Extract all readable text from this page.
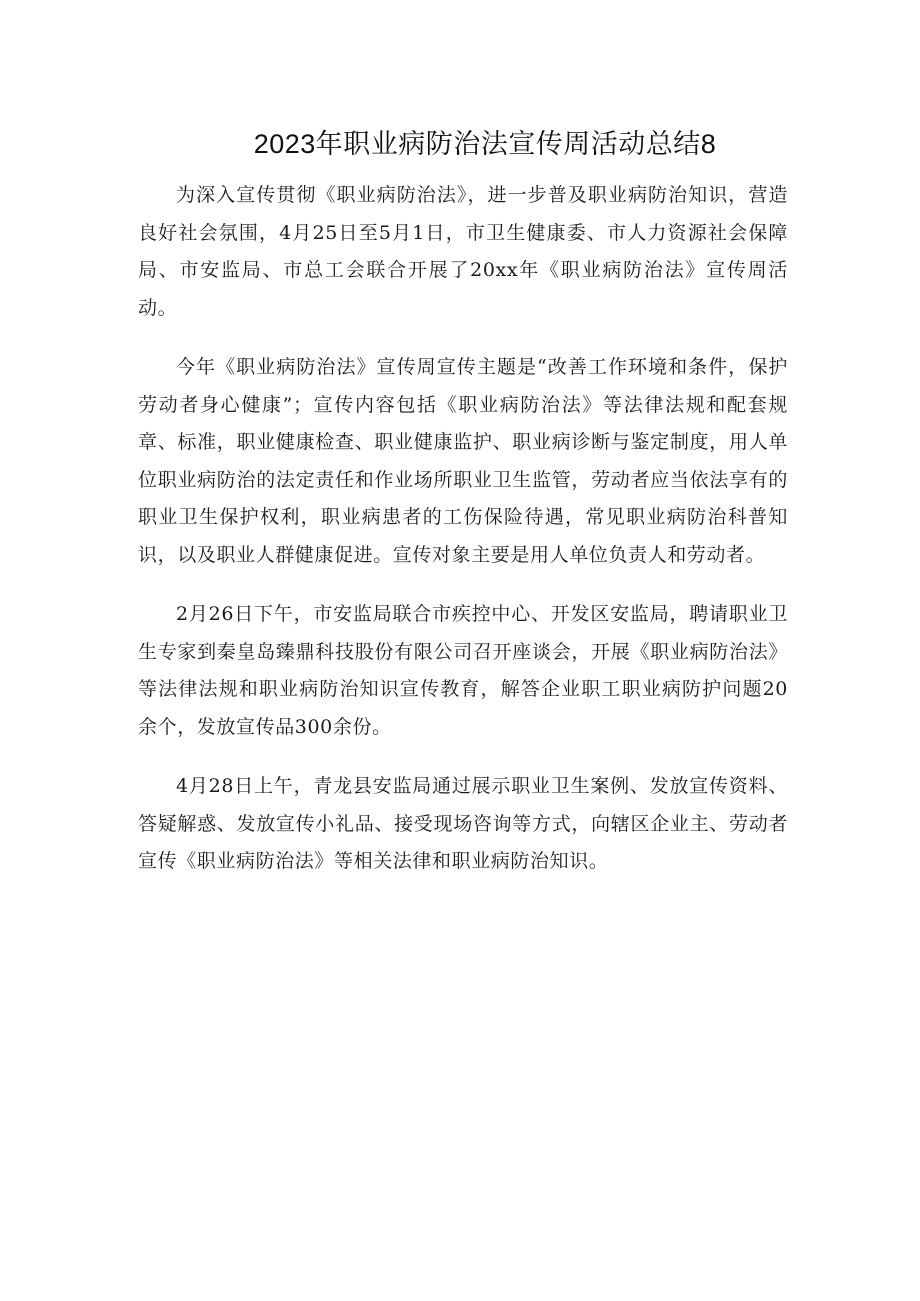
2023年职业病防治法宣传周活动总结8

为深入宣传贯彻《职业病防治法》，进一步普及职业病防治知识，营造良好社会氛围，4月25日至5月1日，市卫生健康委、市人力资源社会保障局、市安监局、市总工会联合开展了20xx年《职业病防治法》宣传周活动。

今年《职业病防治法》宣传周宣传主题是“改善工作环境和条件，保护劳动者身心健康”；宣传内容包括《职业病防治法》等法律法规和配套规章、标准，职业健康检查、职业健康监护、职业病诊断与鉴定制度，用人单位职业病防治的法定责任和作业场所职业卫生监管，劳动者应当依法享有的职业卫生保护权利，职业病患者的工伤保险待遇，常见职业病防治科普知识，以及职业人群健康促进。宣传对象主要是用人单位负责人和劳动者。

2月26日下午，市安监局联合市疾控中心、开发区安监局，聘请职业卫生专家到秦皇岛臻鼎科技股份有限公司召开座谈会，开展《职业病防治法》等法律法规和职业病防治知识宣传教育，解答企业职工职业病防护问题20余个，发放宣传品300余份。

4月28日上午，青龙县安监局通过展示职业卫生案例、发放宣传资料、答疑解惑、发放宣传小礼品、接受现场咨询等方式，向辖区企业主、劳动者宣传《职业病防治法》等相关法律和职业病防治知识。
